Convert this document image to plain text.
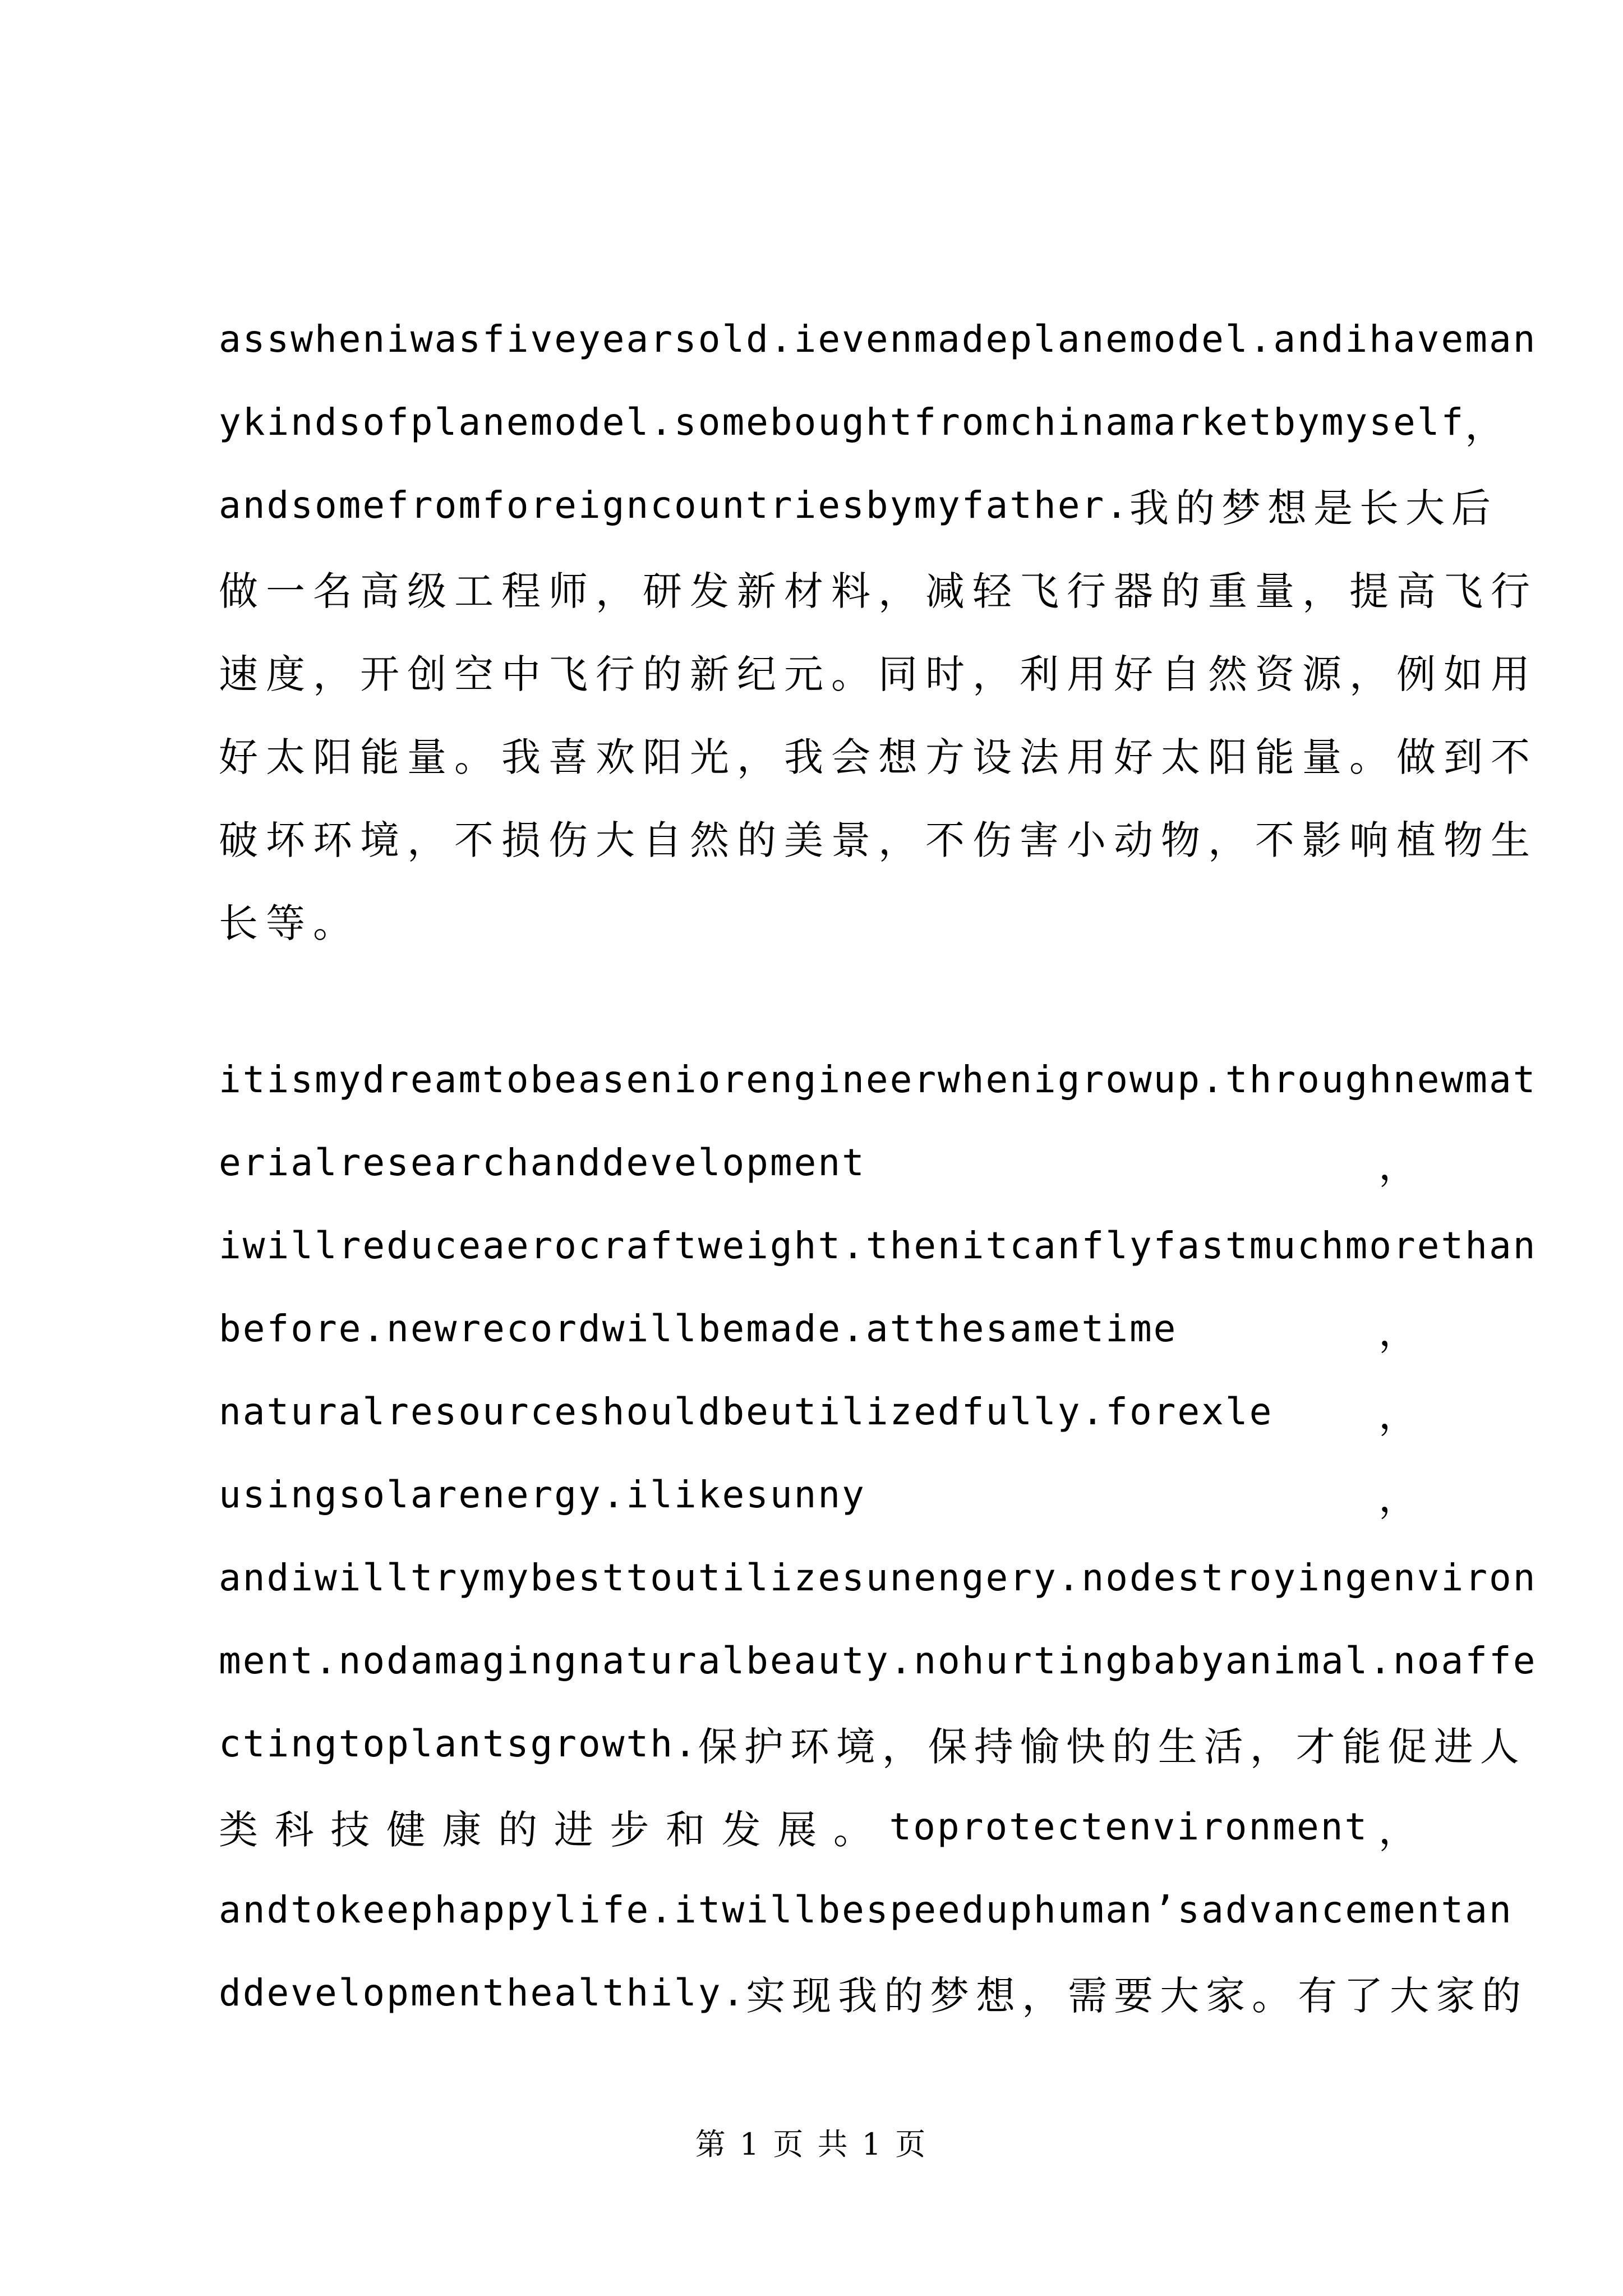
asswheniwasfiveyearsold.ievenmadeplanemodel.andihaveman
ykindsofplanemodel.someboughtfromchinamarketbymyself ，
andsomefromforeigncountriesbymyfather. 我的梦想是长大后
做一名高级工程师，研发新材料，减轻飞行器的重量，提高飞行
速度，开创空中飞行的新纪元。同时，利用好自然资源，例如用
好太阳能量。我喜欢阳光，我会想方设法用好太阳能量。做到不
破坏环境，不损伤大自然的美景，不伤害小动物，不影响植物生
长等。
itismydreamtobeaseniorengineerwhenigrowup.throughnewmat
erialresearchanddevelopment	，
iwillreduceaerocraftweight.thenitcanflyfastmuchmorethan
before.newrecordwillbemade.atthesametime	，
naturalresourceshouldbeutilizedfully.forexle	，
usingsolarenergy.ilikesunny	，
andiwilltrymybesttoutilizesunengery.nodestroyingenviron
ment.nodamagingnaturalbeauty.nohurtingbabyanimal.noaffe
ctingtoplantsgrowth. 保护环境，保持愉快的生活，才能促进人
类 科 技 健 康 的 进 步 和 发 展 。 toprotectenvironment ，
andtokeephappylife.itwillbespeeduphuman’sadvancementan
ddevelopmenthealthily. 实现我的梦想，需要大家。有了大家的
第 1 页 共 1 页
